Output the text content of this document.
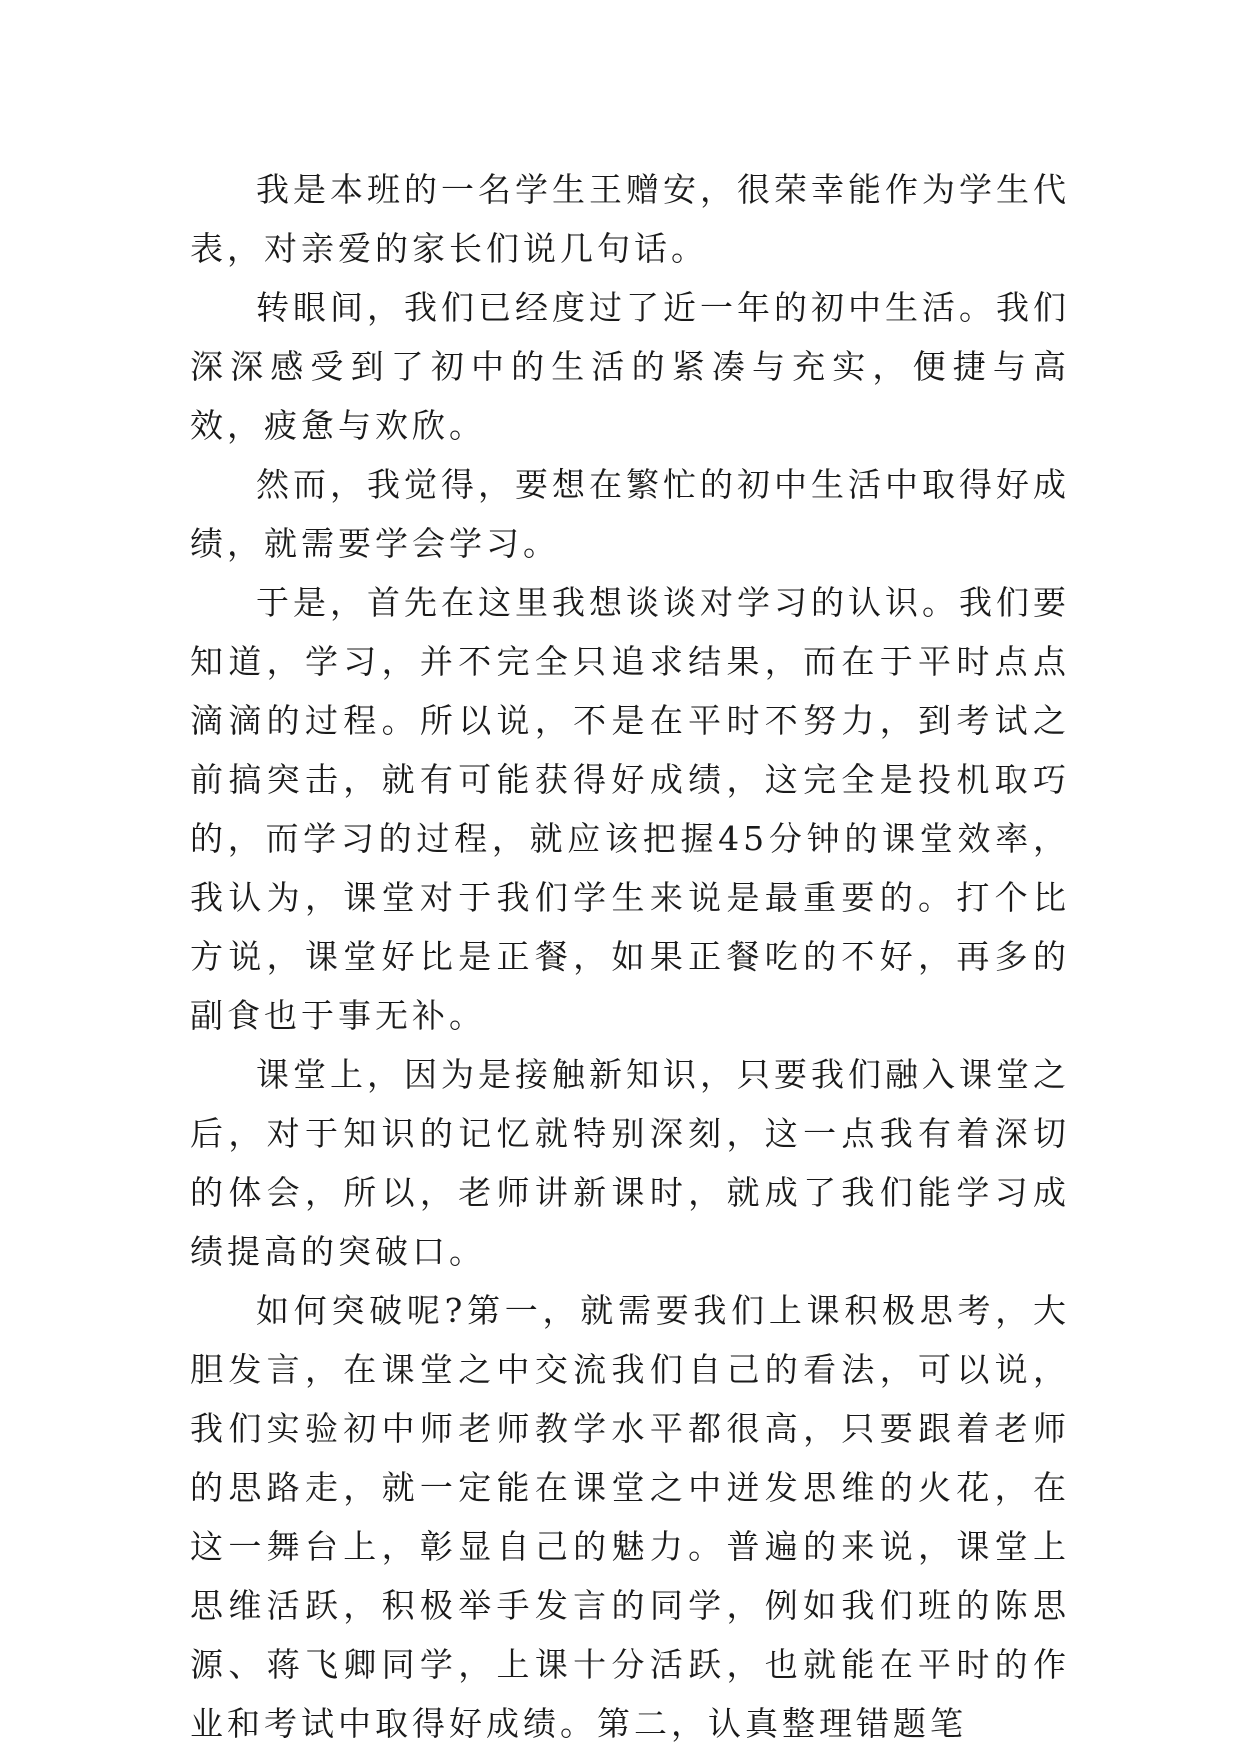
我是本班的一名学生王赠安，很荣幸能作为学生代表，对亲爱的家长们说几句话。

转眼间，我们已经度过了近一年的初中生活。我们深深感受到了初中的生活的紧凑与充实，便捷与高效，疲惫与欢欣。

然而，我觉得，要想在繁忙的初中生活中取得好成绩，就需要学会学习。

于是，首先在这里我想谈谈对学习的认识。我们要知道，学习，并不完全只追求结果，而在于平时点点滴滴的过程。所以说，不是在平时不努力，到考试之前搞突击，就有可能获得好成绩，这完全是投机取巧的，而学习的过程，就应该把握45分钟的课堂效率，我认为，课堂对于我们学生来说是最重要的。打个比方说，课堂好比是正餐，如果正餐吃的不好，再多的副食也于事无补。

课堂上，因为是接触新知识，只要我们融入课堂之后，对于知识的记忆就特别深刻，这一点我有着深切的体会，所以，老师讲新课时，就成了我们能学习成绩提高的突破口。

如何突破呢?第一，就需要我们上课积极思考，大胆发言，在课堂之中交流我们自己的看法，可以说，我们实验初中师老师教学水平都很高，只要跟着老师的思路走，就一定能在课堂之中迸发思维的火花，在这一舞台上，彰显自己的魅力。普遍的来说，课堂上思维活跃，积极举手发言的同学，例如我们班的陈思源、蒋飞卿同学，上课十分活跃，也就能在平时的作业和考试中取得好成绩。第二，认真整理错题笔
